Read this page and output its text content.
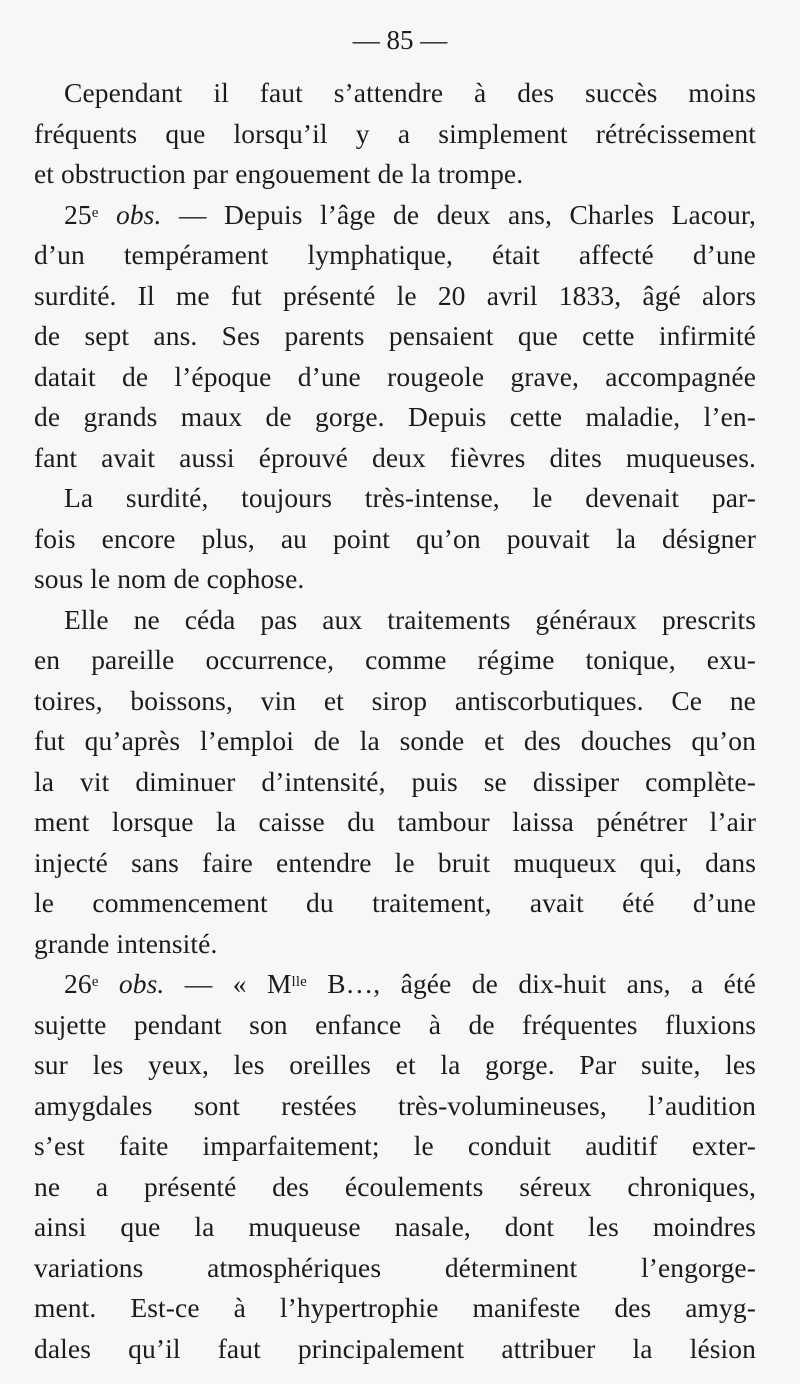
— 85 —
Cependant il faut s’attendre à des succès moins
fréquents que lorsqu’il y a simplement rétrécissement
et obstruction par engouement de la trompe.
25e obs. — Depuis l’âge de deux ans, Charles Lacour,
d’un tempérament lymphatique, était affecté d’une
surdité. Il me fut présenté le 20 avril 1833, âgé alors
de sept ans. Ses parents pensaient que cette infirmité
datait de l’époque d’une rougeole grave, accompagnée
de grands maux de gorge. Depuis cette maladie, l’en-
fant avait aussi éprouvé deux fièvres dites muqueuses.
La surdité, toujours très-intense, le devenait par-
fois encore plus, au point qu’on pouvait la désigner
sous le nom de cophose.
Elle ne céda pas aux traitements généraux prescrits
en pareille occurrence, comme régime tonique, exu-
toires, boissons, vin et sirop antiscorbutiques. Ce ne
fut qu’après l’emploi de la sonde et des douches qu’on
la vit diminuer d’intensité, puis se dissiper complète-
ment lorsque la caisse du tambour laissa pénétrer l’air
injecté sans faire entendre le bruit muqueux qui, dans
le commencement du traitement, avait été d’une
grande intensité.
26e obs. — « $M^{lle}$ B…, âgée de dix-huit ans, a été
sujette pendant son enfance à de fréquentes fluxions
sur les yeux, les oreilles et la gorge. Par suite, les
amygdales sont restées très-volumineuses, l’audition
s’est faite imparfaitement; le conduit auditif exter-
ne a présenté des écoulements séreux chroniques,
ainsi que la muqueuse nasale, dont les moindres
variations atmosphériques déterminent l’engorge-
ment. Est-ce à l’hypertrophie manifeste des amyg-
dales qu’il faut principalement attribuer la lésion
